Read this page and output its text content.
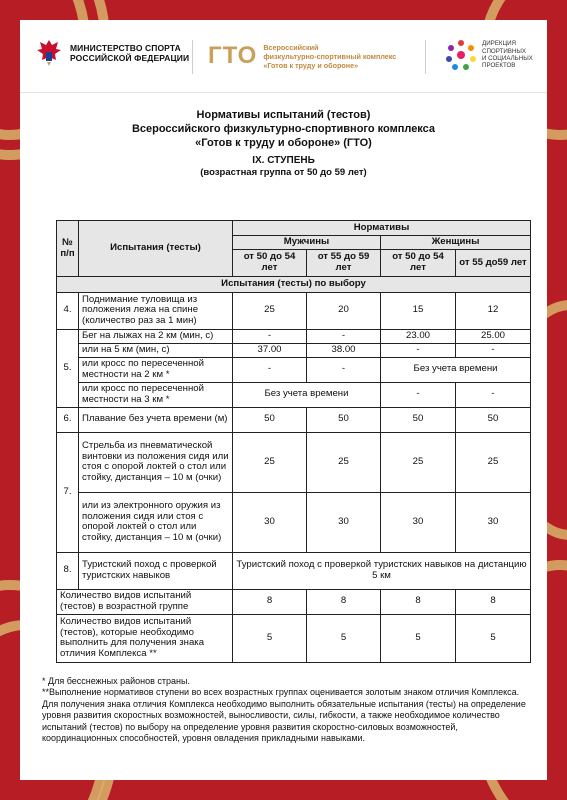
МИНИСТЕРСТВО СПОРТА
РОССИЙСКОЙ ФЕДЕРАЦИИ ГТО Всероссийский
физкультурно-спортивный комплекс
«Готов к труду и обороне»
ДИРЕКЦИЯ
СПОРТИВНЫХ
И СОЦИАЛЬНЫХ
ПРОЕКТОВ
Нормативы испытаний (тестов)
Всероссийского физкультурно-спортивного комплекса
«Готов к труду и обороне» (ГТО)
IX. СТУПЕНЬ
(возрастная группа от 50 до 59 лет)
№ п/п	Испытания (тесты)	Нормативы			
		Мужчины		Женщины	
		от 50 до 54 лет	от 55 до 59 лет	от 50 до 54 лет	от 55 до59 лет
Испытания (тесты) по выбору					
4.	Поднимание туловища из положения лежа на спине (количество раз за 1 мин)	25	20	15	12
5.	Бег на лыжах на 2 км (мин, с)	-	-	23.00	25.00
	или на 5 км (мин, с)	37.00	38.00	-	-
	или кросс по пересеченной местности на 2 км *	-	-	Без учета времени	
	или кросс по пересеченной местности на 3 км *	Без учета времени		-	-
6.	Плавание без учета времени (м)	50	50	50	50
7.	Стрельба из пневматической винтовки из положения сидя или стоя с опорой локтей о стол или стойку, дистанция – 10 м (очки)	25	25	25	25
	или из электронного оружия из положения сидя или стоя с опорой локтей о стол или стойку, дистанция – 10 м (очки)	30	30	30	30
8.	Туристский поход с проверкой туристских навыков	Туристский поход с проверкой туристских навыков на дистанцию 5 км			
Количество видов испытаний (тестов) в возрастной группе		8	8	8	8
Количество видов испытаний (тестов), которые необходимо выполнить для получения знака отличия Комплекса **		5	5	5	5
* Для бесснежных районов страны.
**Выполнение нормативов ступени во всех возрастных группах оценивается золотым знаком отличия Комплекса. Для получения знака отличия Комплекса необходимо выполнить обязательные испытания (тесты) на определение уровня развития скоростных возможностей, выносливости, силы, гибкости, а также необходимое количество испытаний (тестов) по выбору на определение уровня развития скоростно-силовых возможностей, координационных способностей, уровня овладения прикладными навыками.
